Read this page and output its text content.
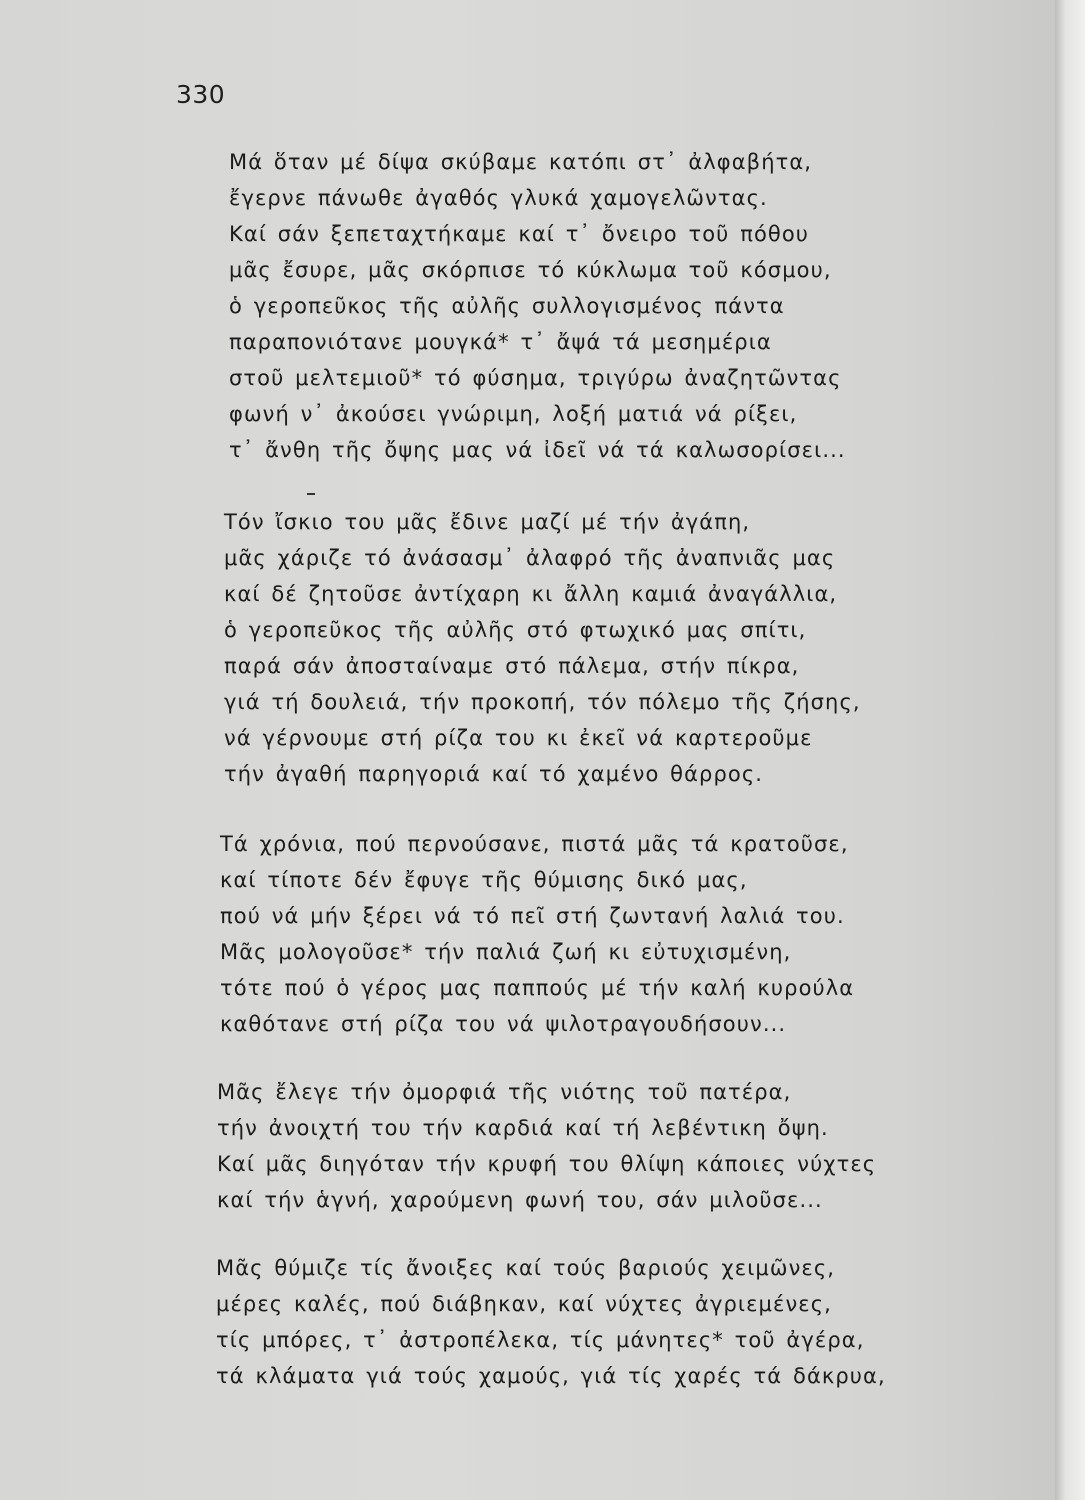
330
Μά ὅταν μέ δίψα σκύβαμε κατόπι στ᾽ ἀλφαβήτα,
ἔγερνε πάνωθε ἀγαθός γλυκά χαμογελῶντας.
Καί σάν ξεπεταχτήκαμε καί τ᾽ ὄνειρο τοῦ πόθου
μᾶς ἔσυρε, μᾶς σκόρπισε τό κύκλωμα τοῦ κόσμου,
ὁ γεροπεῦκος τῆς αὐλῆς συλλογισμένος πάντα
παραπονιότανε μουγκά* τ᾽ ἄψά τά μεσημέρια
στοῦ μελτεμιοῦ* τό φύσημα, τριγύρω ἀναζητῶντας
φωνή ν᾽ ἀκούσει γνώριμη, λοξή ματιά νά ρίξει,
τ᾽ ἄνθη τῆς ὄψης μας νά ἰδεῖ νά τά καλωσορίσει...
Τόν ἴσκιο του μᾶς ἔδινε μαζί μέ τήν ἀγάπη,
μᾶς χάριζε τό ἀνάσασμ᾽ ἀλαφρό τῆς ἀναπνιᾶς μας
καί δέ ζητοῦσε ἀντίχαρη κι ἄλλη καμιά ἀναγάλλια,
ὁ γεροπεῦκος τῆς αὐλῆς στό φτωχικό μας σπίτι,
παρά σάν ἀποσταίναμε στό πάλεμα, στήν πίκρα,
γιά τή δουλειά, τήν προκοπή, τόν πόλεμο τῆς ζήσης,
νά γέρνουμε στή ρίζα του κι ἐκεῖ νά καρτεροῦμε
τήν ἀγαθή παρηγοριά καί τό χαμένο θάρρος.
Τά χρόνια, πού περνούσανε, πιστά μᾶς τά κρατοῦσε,
καί τίποτε δέν ἔφυγε τῆς θύμισης δικό μας,
πού νά μήν ξέρει νά τό πεῖ στή ζωντανή λαλιά του.
Μᾶς μολογοῦσε* τήν παλιά ζωή κι εὐτυχισμένη,
τότε πού ὁ γέρος μας παππούς μέ τήν καλή κυρούλα
καθότανε στή ρίζα του νά ψιλοτραγουδήσουν...
Μᾶς ἔλεγε τήν ὀμορφιά τῆς νιότης τοῦ πατέρα,
τήν ἀνοιχτή του τήν καρδιά καί τή λεβέντικη ὄψη.
Καί μᾶς διηγόταν τήν κρυφή του θλίψη κάποιες νύχτες
καί τήν ἁγνή, χαρούμενη φωνή του, σάν μιλοῦσε...
Μᾶς θύμιζε τίς ἄνοιξες καί τούς βαριούς χειμῶνες,
μέρες καλές, πού διάβηκαν, καί νύχτες ἀγριεμένες,
τίς μπόρες, τ᾽ ἀστροπέλεκα, τίς μάνητες* τοῦ ἀγέρα,
τά κλάματα γιά τούς χαμούς, γιά τίς χαρές τά δάκρυα,
